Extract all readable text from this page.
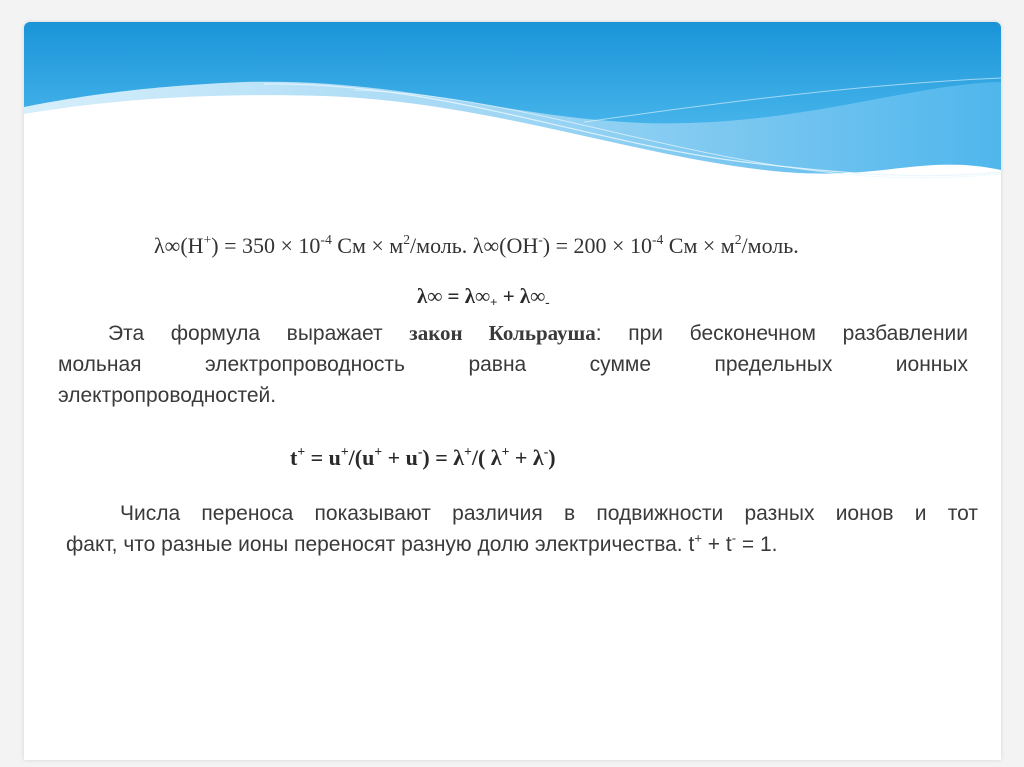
$\lambda\infty(H^+) = 350 \times 10^{-4}$ См × $м^2$/моль. $\lambda\infty(OH^-) = 200 \times 10^{-4}$ См × $м^2$/моль.
$\lambda\infty = \lambda\infty_+ + \lambda\infty_-$
Эта формула выражает закон Кольрауша: при бесконечном разбавлении
мольная электропроводность равна сумме предельных ионных
электропроводностей.
t+ = u+/(u+ + u-) = λ+/( λ+ + λ-)
Числа переноса показывают различия в подвижности разных ионов и тот
факт, что разные ионы переносят разную долю электричества. t+ + t- = 1.
